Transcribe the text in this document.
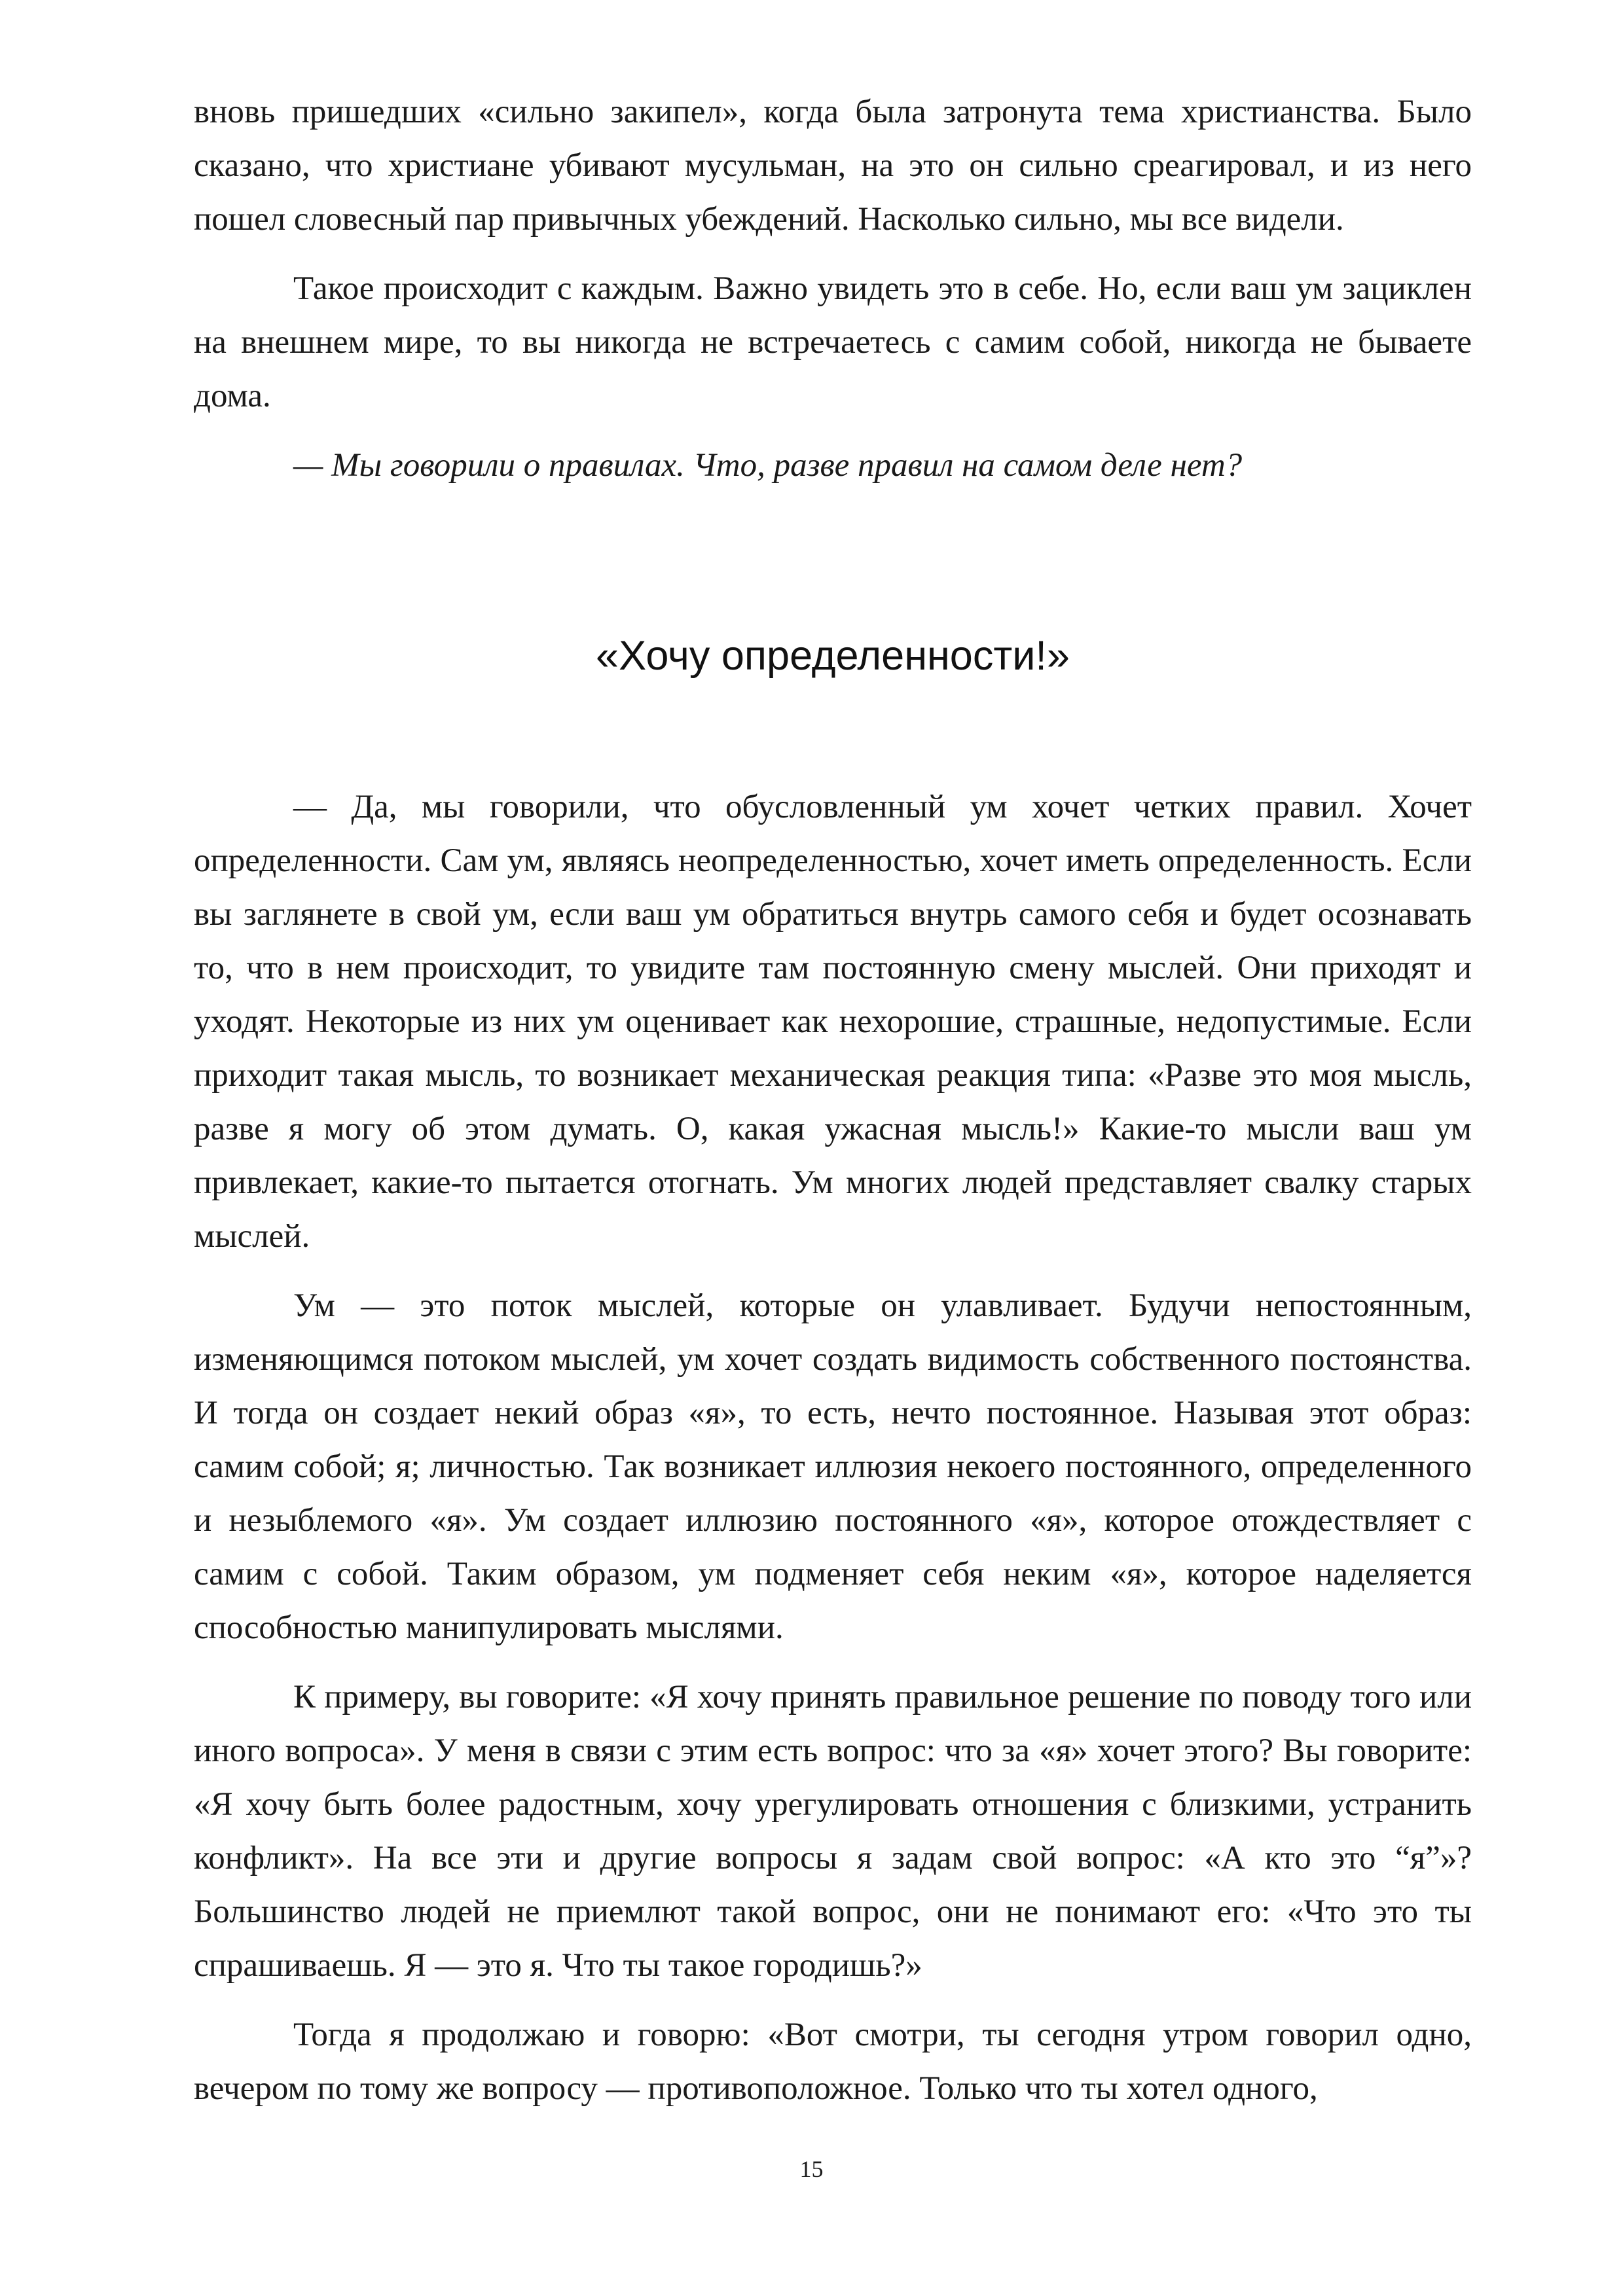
вновь пришедших «сильно закипел», когда была затронута тема христианства. Было сказано, что христиане убивают мусульман, на это он сильно среагировал, и из него пошел словесный пар привычных убеждений. Насколько сильно, мы все видели.

Такое происходит с каждым. Важно увидеть это в себе. Но, если ваш ум зациклен на внешнем мире, то вы никогда не встречаетесь с самим собой, никогда не бываете дома.

— Мы говорили о правилах. Что, разве правил на самом деле нет?

«Хочу определенности!»

— Да, мы говорили, что обусловленный ум хочет четких правил. Хочет определенности. Сам ум, являясь неопределенностью, хочет иметь определенность. Если вы заглянете в свой ум, если ваш ум обратиться внутрь самого себя и будет осознавать то, что в нем происходит, то увидите там постоянную смену мыслей. Они приходят и уходят. Некоторые из них ум оценивает как нехорошие, страшные, недопустимые. Если приходит такая мысль, то возникает механическая реакция типа: «Разве это моя мысль, разве я могу об этом думать. О, какая ужасная мысль!» Какие-то мысли ваш ум привлекает, какие-то пытается отогнать. Ум многих людей представляет свалку старых мыслей.

Ум — это поток мыслей, которые он улавливает. Будучи непостоянным, изменяющимся потоком мыслей, ум хочет создать видимость собственного постоянства. И тогда он создает некий образ «я», то есть, нечто постоянное. Называя этот образ: самим собой; я; личностью. Так возникает иллюзия некоего постоянного, определенного и незыблемого «я». Ум создает иллюзию постоянного «я», которое отождествляет с самим с собой. Таким образом, ум подменяет себя неким «я», которое наделяется способностью манипулировать мыслями.

К примеру, вы говорите: «Я хочу принять правильное решение по поводу того или иного вопроса». У меня в связи с этим есть вопрос: что за «я» хочет этого? Вы говорите: «Я хочу быть более радостным, хочу урегулировать отношения с близкими, устранить конфликт». На все эти и другие вопросы я задам свой вопрос: «А кто это “я”»? Большинство людей не приемлют такой вопрос, они не понимают его: «Что это ты спрашиваешь. Я — это я. Что ты такое городишь?»

Тогда я продолжаю и говорю: «Вот смотри, ты сегодня утром говорил одно, вечером по тому же вопросу — противоположное. Только что ты хотел одного,

15
